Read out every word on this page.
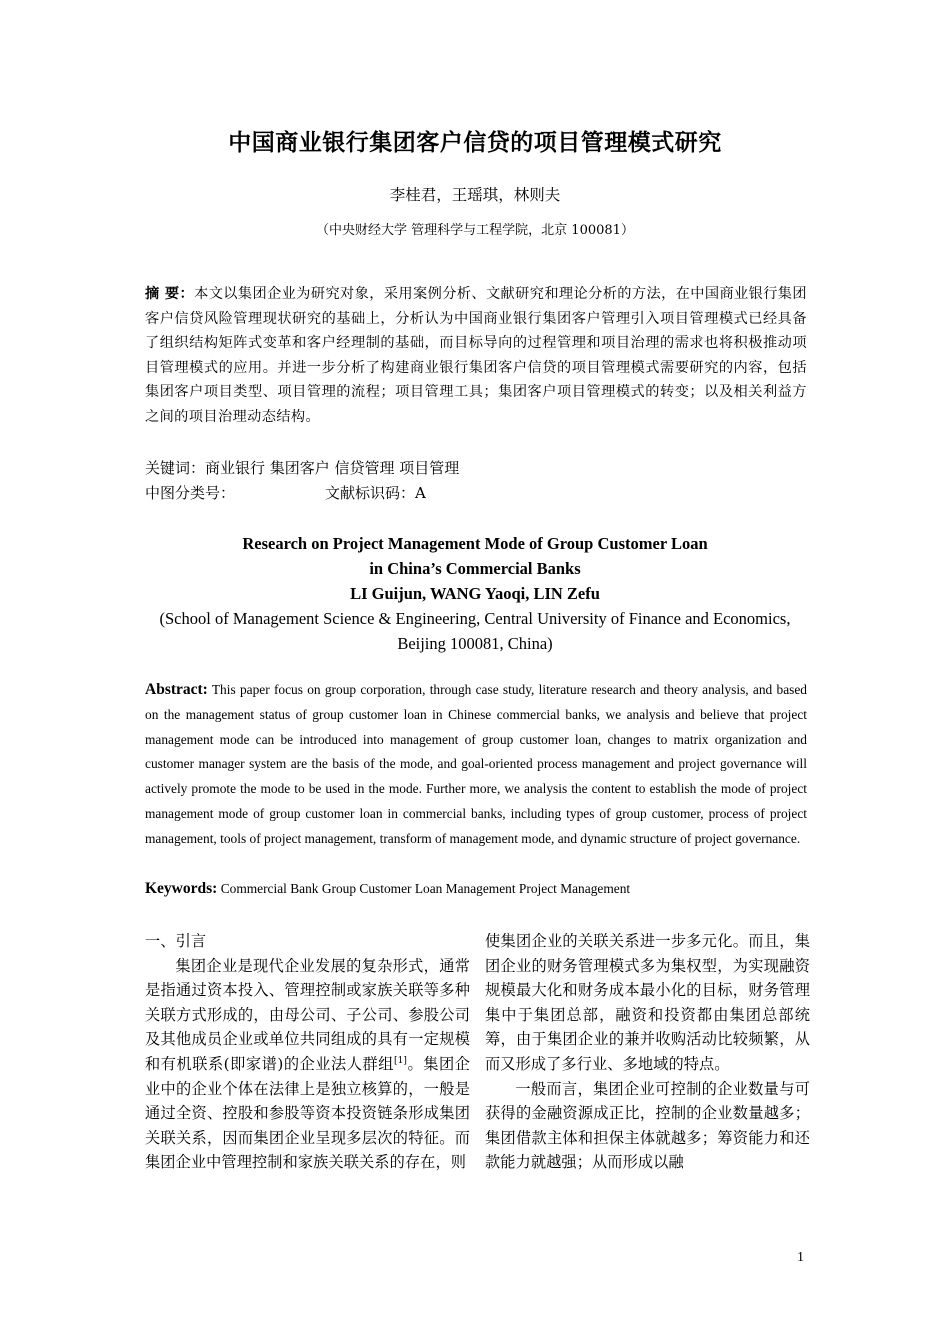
中国商业银行集团客户信贷的项目管理模式研究
李桂君，王瑶琪，林则夫
（中央财经大学 管理科学与工程学院，北京 100081）
摘 要：本文以集团企业为研究对象，采用案例分析、文献研究和理论分析的方法，在中国商业银行集团客户信贷风险管理现状研究的基础上，分析认为中国商业银行集团客户管理引入项目管理模式已经具备了组织结构矩阵式变革和客户经理制的基础，而目标导向的过程管理和项目治理的需求也将积极推动项目管理模式的应用。并进一步分析了构建商业银行集团客户信贷的项目管理模式需要研究的内容，包括集团客户项目类型、项目管理的流程；项目管理工具；集团客户项目管理模式的转变；以及相关利益方之间的项目治理动态结构。
关键词：商业银行 集团客户 信贷管理 项目管理
中图分类号：	文献标识码：A
Research on Project Management Mode of Group Customer Loan
in China’s Commercial Banks
LI Guijun, WANG Yaoqi, LIN Zefu
(School of Management Science & Engineering, Central University of Finance and Economics,
Beijing 100081, China)
Abstract: This paper focus on group corporation, through case study, literature research and theory analysis, and based on the management status of group customer loan in Chinese commercial banks, we analysis and believe that project management mode can be introduced into management of group customer loan, changes to matrix organization and customer manager system are the basis of the mode, and goal-oriented process management and project governance will actively promote the mode to be used in the mode. Further more, we analysis the content to establish the mode of project management mode of group customer loan in commercial banks, including types of group customer, process of project management, tools of project management, transform of management mode, and dynamic structure of project governance.
Keywords: Commercial Bank Group Customer Loan Management Project Management

一、引言

集团企业是现代企业发展的复杂形式，通常是指通过资本投入、管理控制或家族关联等多种关联方式形成的，由母公司、子公司、参股公司及其他成员企业或单位共同组成的具有一定规模和有机联系(即家谱)的企业法人群组[1]。集团企业中的企业个体在法律上是独立核算的，一般是通过全资、控股和参股等资本投资链条形成集团关联关系，因而集团企业呈现多层次的特征。而集团企业中管理控制和家族关联关系的存在，则

使集团企业的关联关系进一步多元化。而且，集团企业的财务管理模式多为集权型，为实现融资规模最大化和财务成本最小化的目标，财务管理集中于集团总部，融资和投资都由集团总部统筹，由于集团企业的兼并收购活动比较频繁，从而又形成了多行业、多地域的特点。

一般而言，集团企业可控制的企业数量与可获得的金融资源成正比，控制的企业数量越多；集团借款主体和担保主体就越多；筹资能力和还款能力就越强；从而形成以融

1
